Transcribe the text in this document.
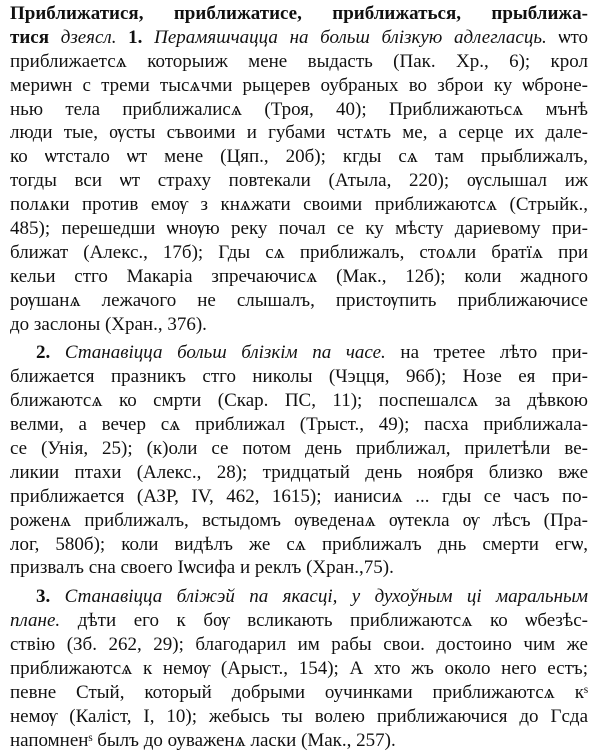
Приближатися, приближатисе, приближаться, прыближа-
тися дзеясл. 1. Перамяшчацца на больш блізкую адлегласць. ѡто
приближаетсѧ которыиж мене выдасть (Пак. Хр., 6); крол
мериѡн с треми тысѧчми рыцерев оубраных во зброи ку ѡброне-
нью тела приближалисѧ (Троя, 40); Приближаютьсѧ мънѣ
люди тые, ѹсты съвоими и губами чстѧть ме, а серце их дале-
ко ѡтстало ѡт мене (Цяп., 20б); кгды сѧ там прыближалъ,
тогды вси ѡт страху повтекали (Атыла, 220); ѹслышал иж
полѧки против емѹ з кнѧжати своими приближаютсѧ (Стрыйк.,
485); перешедши ѡнѹю реку почал се ку мѣсту дариевому при-
ближат (Алекс., 17б); Гды сѧ приближалъ, стоѧли братїѧ при
кельи стго Макаріа зпречаючисѧ (Мак., 12б); коли жадного
рѹшанѧ лежачого не слышалъ, пристѹпить приближаючисе
до заслоны (Хран., 376).
2. Станавіцца больш блізкім па часе. на третее лѣто при-
ближается празникъ стго николы (Чэцця, 96б); Нозе ея при-
ближаютсѧ ко смрти (Скар. ПС, 11); поспешалсѧ за дѣвкою
велми, а вечер сѧ приближал (Трыст., 49); пасха приближала-
се (Унія, 25); (к)оли се потом день приближал, прилетѣли ве-
ликии птахи (Алекс., 28); тридцатый день ноября близко вже
приближается (АЗР, IV, 462, 1615); ианисиѧ ... гды се часъ по-
роженѧ приближалъ, встыдомъ ѹведенаѧ ѹтекла ѹ лѣсъ (Пра-
лог, 580б); коли видѣлъ же сѧ приближалъ днь смерти егѡ,
призвалъ сна своего Іѡсифа и реклъ (Хран.,75).
3. Станавіцца бліжэй па якасці, у духоўным ці маральным
плане. дѣти его к бѹ всликають приближаютсѧ ко ѡбезѣс-
ствію (Зб. 262, 29); благодарил им рабы свои. достоино чим же
приближаютсѧ к немѹ (Арыст., 154); А хто жъ около него естъ;
певне Стый, который добрыми оучинками приближаютсѧ кˢ
немѹ (Каліст, I, 10); жебысь ты волею приближаючися до Гсда
напомненˢ былъ до оуваженѧ ласки (Мак., 257).
